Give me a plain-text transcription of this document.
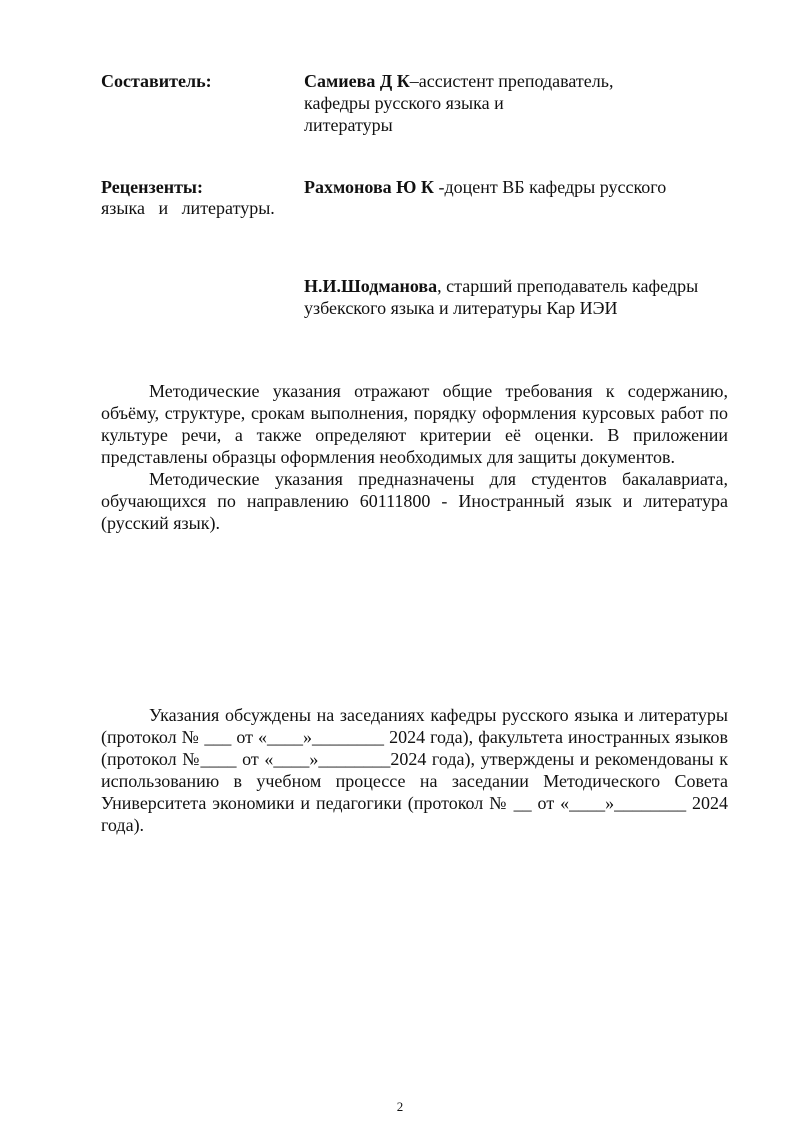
Составитель:	Самиева Д К–ассистент преподаватель,
кафедры русского языка и
литературы
Рецензенты:	Рахмонова Ю К -доцент ВБ кафедры русского
языка   и   литературы.
Н.И.Шодманова, старший преподаватель кафедры
узбекского языка и литературы Кар ИЭИ

Методические указания отражают общие требования к содержанию, объёму, структуре, срокам выполнения, порядку оформления курсовых работ по культуре речи, а также определяют критерии её оценки. В приложении представлены образцы оформления необходимых для защиты документов.

Методические указания предназначены для студентов бакалавриата, обучающихся по направлению 60111800 - Иностранный язык и литература (русский язык).

Указания обсуждены на заседаниях кафедры русского языка и литературы (протокол № ___ от «____»________ 2024 года), факультета иностранных языков (протокол №____ от «____»________2024 года), утверждены и рекомендованы к использованию в учебном процессе на заседании Методического Совета Университета экономики и педагогики (протокол № __ от «____»________ 2024 года).

2
